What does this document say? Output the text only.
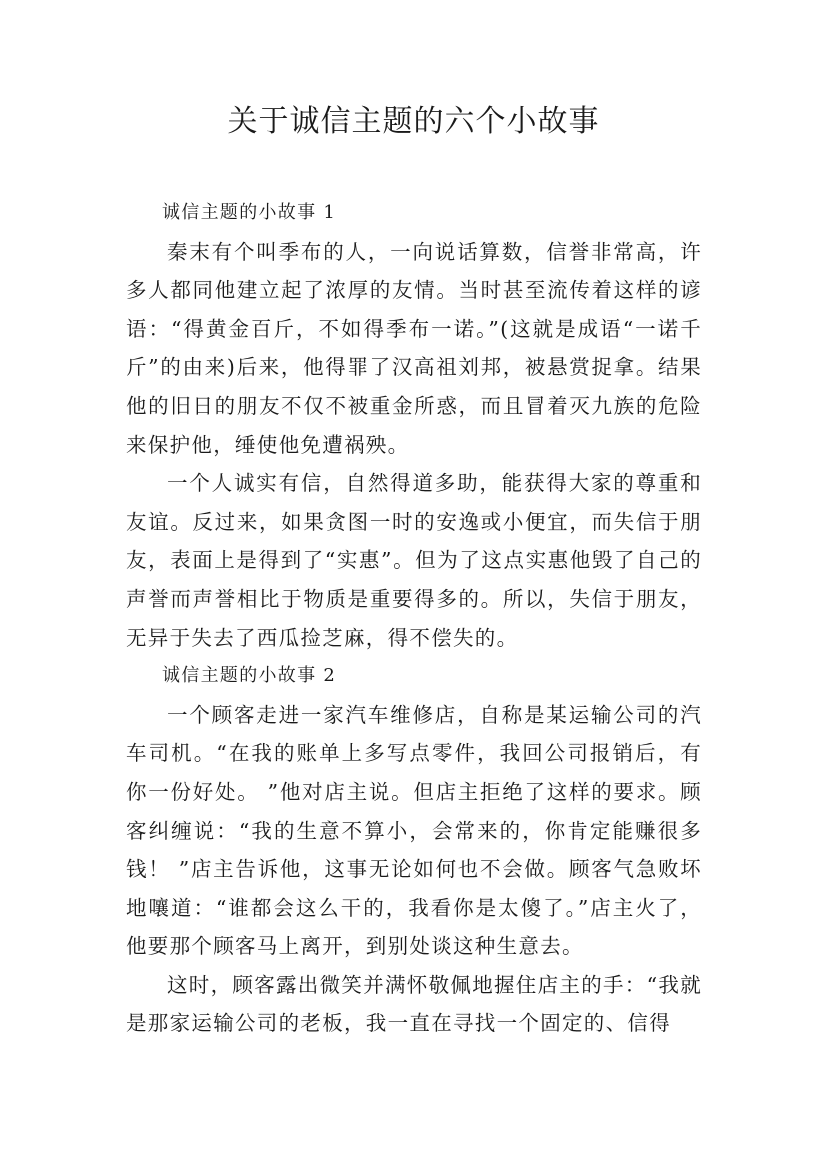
关于诚信主题的六个小故事

诚信主题的小故事 1

秦末有个叫季布的人，一向说话算数，信誉非常高，许多人都同他建立起了浓厚的友情。当时甚至流传着这样的谚语：“得黄金百斤，不如得季布一诺。”(这就是成语“一诺千斤”的由来)后来，他得罪了汉高祖刘邦，被悬赏捉拿。结果他的旧日的朋友不仅不被重金所惑，而且冒着灭九族的危险来保护他，缍使他免遭祸殃。

一个人诚实有信，自然得道多助，能获得大家的尊重和友谊。反过来，如果贪图一时的安逸或小便宜，而失信于朋友，表面上是得到了“实惠”。但为了这点实惠他毁了自己的声誉而声誉相比于物质是重要得多的。所以，失信于朋友，无异于失去了西瓜捡芝麻，得不偿失的。

诚信主题的小故事 2

一个顾客走进一家汽车维修店，自称是某运输公司的汽车司机。“在我的账单上多写点零件，我回公司报销后，有你一份好处。 ”他对店主说。但店主拒绝了这样的要求。顾客纠缠说：“我的生意不算小，会常来的，你肯定能赚很多钱！ ”店主告诉他，这事无论如何也不会做。顾客气急败坏地嚷道：“谁都会这么干的，我看你是太傻了。”店主火了，他要那个顾客马上离开，到别处谈这种生意去。

这时，顾客露出微笑并满怀敬佩地握住店主的手：“我就是那家运输公司的老板，我一直在寻找一个固定的、信得
